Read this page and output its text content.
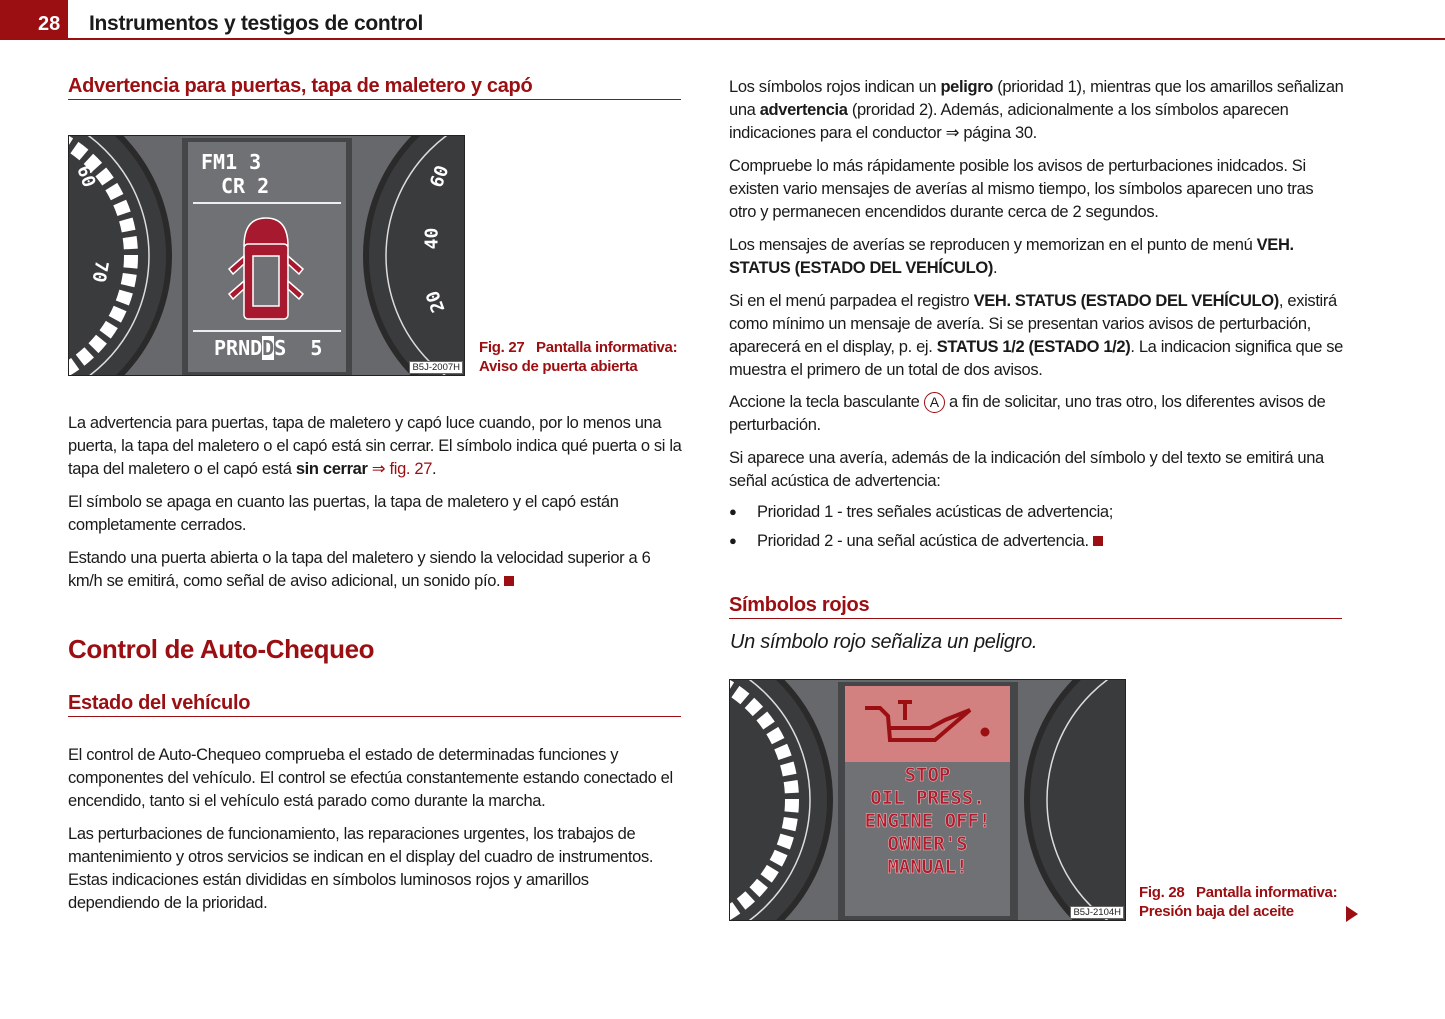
28 Instrumentos y testigos de control
Advertencia para puertas, tapa de maletero y capó
FM1 3
CR 2
PRNDDS  5
60
70
60
40
20
B5J-2007H
Fig. 27 Pantalla informativa:
Aviso de puerta abierta

La advertencia para puertas, tapa de maletero y capó luce cuando, por lo menos una puerta, la tapa del maletero o el capó está sin cerrar. El símbolo indica qué puerta o si la tapa del maletero o el capó está sin cerrar ⇒ fig. 27.

El símbolo se apaga en cuanto las puertas, la tapa de maletero y el capó están completamente cerrados.

Estando una puerta abierta o la tapa del maletero y siendo la velocidad superior a 6 km/h se emitirá, como señal de aviso adicional, un sonido pío.

Control de Auto-Chequeo
Estado del vehículo

El control de Auto-Chequeo comprueba el estado de determinadas funciones y componentes del vehículo. El control se efectúa constantemente estando conectado el encendido, tanto si el vehículo está parado como durante la marcha.

Las perturbaciones de funcionamiento, las reparaciones urgentes, los trabajos de mantenimiento y otros servicios se indican en el display del cuadro de instrumentos. Estas indicaciones están divididas en símbolos luminosos rojos y amarillos dependiendo de la prioridad.

Los símbolos rojos indican un peligro (prioridad 1), mientras que los amarillos señalizan una advertencia (proridad 2). Además, adicionalmente a los símbolos aparecen indicaciones para el conductor ⇒ página 30.

Compruebe lo más rápidamente posible los avisos de perturbaciones inidcados. Si existen vario mensajes de averías al mismo tiempo, los símbolos aparecen uno tras otro y permanecen encendidos durante cerca de 2 segundos.

Los mensajes de averías se reproducen y memorizan en el punto de menú VEH. STATUS (ESTADO DEL VEHÍCULO).

Si en el menú parpadea el registro VEH. STATUS (ESTADO DEL VEHÍCULO), existirá como mínimo un mensaje de avería. Si se presentan varios avisos de perturbación, aparecerá en el display, p. ej. STATUS 1/2 (ESTADO 1/2). La indicacion significa que se muestra el primero de un total de dos avisos.

Accione la tecla basculante A a fin de solicitar, uno tras otro, los diferentes avisos de perturbación.

Si aparece una avería, además de la indicación del símbolo y del texto se emitirá una señal acústica de advertencia:

● Prioridad 1 - tres señales acústicas de advertencia;
● Prioridad 2 - una señal acústica de advertencia.
Símbolos rojos
Un símbolo rojo señaliza un peligro.
STOP
OIL PRESS.
ENGINE OFF!
OWNER'S
MANUAL!
B5J-2104H
Fig. 28 Pantalla informativa:
Presión baja del aceite
